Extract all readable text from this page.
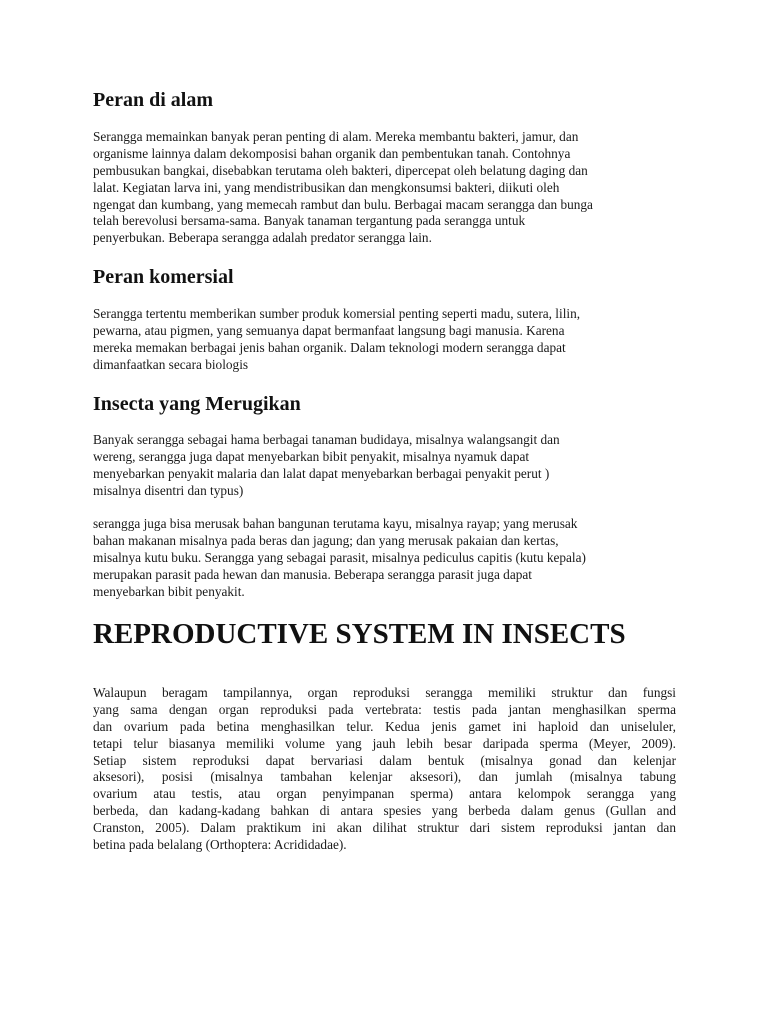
Peran di alam

Serangga memainkan banyak peran penting di alam. Mereka membantu bakteri, jamur, dan
organisme lainnya dalam dekomposisi bahan organik dan pembentukan tanah. Contohnya
pembusukan bangkai, disebabkan terutama oleh bakteri, dipercepat oleh belatung daging dan
lalat. Kegiatan larva ini, yang mendistribusikan dan mengkonsumsi bakteri, diikuti oleh
ngengat dan kumbang, yang memecah rambut dan bulu. Berbagai macam serangga dan bunga
telah berevolusi bersama-sama. Banyak tanaman tergantung pada serangga untuk
penyerbukan. Beberapa serangga adalah predator serangga lain.

Peran komersial

Serangga tertentu memberikan sumber produk komersial penting seperti madu, sutera, lilin,
pewarna, atau pigmen, yang semuanya dapat bermanfaat langsung bagi manusia. Karena
mereka memakan berbagai jenis bahan organik. Dalam teknologi modern serangga dapat
dimanfaatkan secara biologis

Insecta yang Merugikan

Banyak serangga sebagai hama berbagai tanaman budidaya, misalnya walangsangit dan
wereng, serangga juga dapat menyebarkan bibit penyakit, misalnya nyamuk dapat
menyebarkan penyakit malaria dan lalat dapat menyebarkan berbagai penyakit perut )
misalnya disentri dan typus)

serangga juga bisa merusak bahan bangunan terutama kayu, misalnya rayap; yang merusak
bahan makanan misalnya pada beras dan jagung; dan yang merusak pakaian dan kertas,
misalnya kutu buku. Serangga yang sebagai parasit, misalnya pediculus capitis (kutu kepala)
merupakan parasit pada hewan dan manusia. Beberapa serangga parasit juga dapat
menyebarkan bibit penyakit.

REPRODUCTIVE SYSTEM IN INSECTS

Walaupun beragam tampilannya, organ reproduksi serangga memiliki struktur dan fungsi
yang sama dengan organ reproduksi pada vertebrata: testis pada jantan menghasilkan sperma
dan ovarium pada betina menghasilkan telur. Kedua jenis gamet ini haploid dan uniseluler,
tetapi telur biasanya memiliki volume yang jauh lebih besar daripada sperma (Meyer, 2009).
Setiap sistem reproduksi dapat bervariasi dalam bentuk (misalnya gonad dan kelenjar
aksesori), posisi (misalnya tambahan kelenjar aksesori), dan jumlah (misalnya tabung
ovarium atau testis, atau organ penyimpanan sperma) antara kelompok serangga yang
berbeda, dan kadang-kadang bahkan di antara spesies yang berbeda dalam genus (Gullan and
Cranston, 2005). Dalam praktikum ini akan dilihat struktur dari sistem reproduksi jantan dan
betina pada belalang (Orthoptera: Acrididadae).
